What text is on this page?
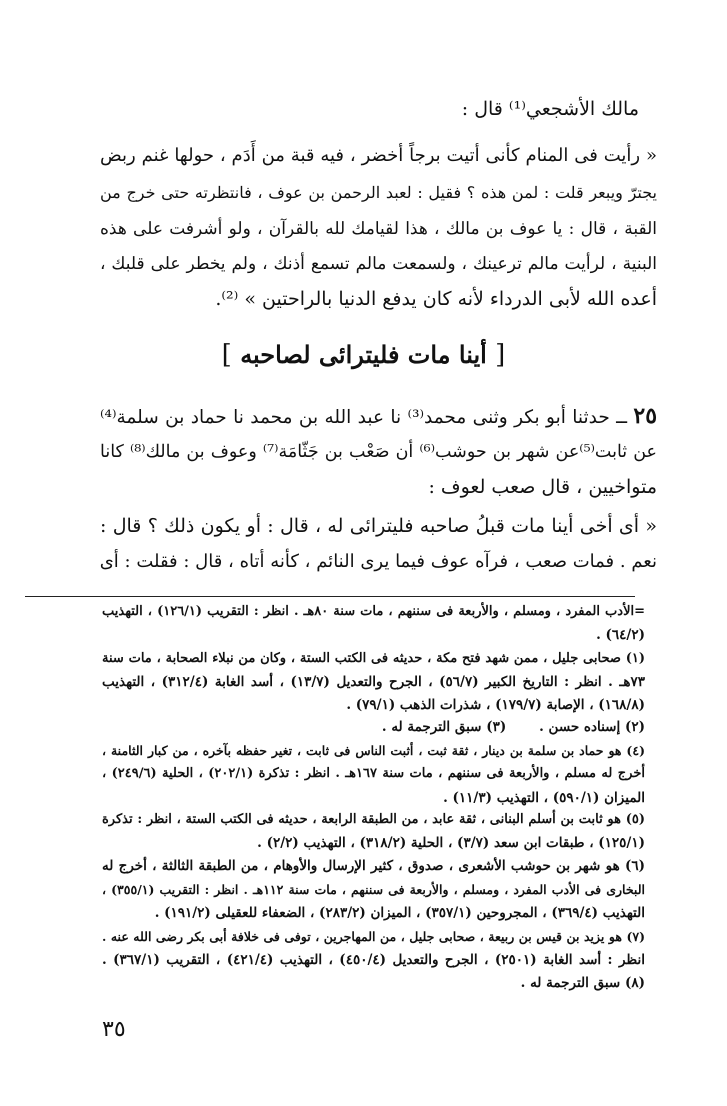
مالك الأشجعي⁽¹⁾ قال :
« رأيت فى المنام كأنى أتيت برجاً أخضر ، فيه قبة من أَدَم ، حولها غنم ربض
يجترّ ويبعر قلت : لمن هذه ؟ فقيل : لعبد الرحمن بن عوف ، فانتظرته حتى خرج من
القبة ، قال : يا عوف بن مالك ، هذا لقيامك لله بالقرآن ، ولو أشرفت على هذه
البنية ، لرأيت مالم ترعينك ، ولسمعت مالم تسمع أذنك ، ولم يخطر على قلبك ،
أعده الله لأبى الدرداء لأنه كان يدفع الدنيا بالراحتين » ⁽²⁾.
[ أينا مات فليترائى لصاحبه ]
٢٥ ــ حدثنا أبو بكر وثنى محمد⁽³⁾ نا عبد الله بن محمد نا حماد بن سلمة⁽⁴⁾
عن ثابت⁽⁵⁾عن شهر بن حوشب⁽⁶⁾ أن صَعْب بن جَثّامَة⁽⁷⁾ وعوف بن مالك⁽⁸⁾ كانا
متواخيين ، قال صعب لعوف :
« أى أخى أينا مات قبلُ صاحبه فليترائى له ، قال : أو يكون ذلك ؟ قال :
نعم . فمات صعب ، فرآه عوف فيما يرى النائم ، كأنه أتاه ، قال : فقلت : أى
=الأدب المفرد ، ومسلم ، والأربعة فى سننهم ، مات سنة ٨٠هـ . انظر : التقريب (١٢٦/١) ، التهذيب
(٦٤/٢) .
(١) صحابى جليل ، ممن شهد فتح مكة ، حديثه فى الكتب الستة ، وكان من نبلاء الصحابة ، مات سنة
٧٣هـ . انظر : التاريخ الكبير (٥٦/٧) ، الجرح والتعديل (١٣/٧) ، أسد الغابة (٣١٢/٤) ، التهذيب
(١٦٨/٨) ، الإصابة (١٧٩/٧) ، شذرات الذهب (٧٩/١) .
(٢) إسناده حسن .       (٣) سبق الترجمة له .
(٤) هو حماد بن سلمة بن دينار ، ثقة ثبت ، أثبت الناس فى ثابت ، تغير حفظه بآخره ، من كبار الثامنة ،
أخرج له مسلم ، والأربعة فى سننهم ، مات سنة ١٦٧هـ . انظر : تذكرة (٢٠٢/١) ، الحلية (٢٤٩/٦) ،
الميزان (٥٩٠/١) ، التهذيب (١١/٣) .
(٥) هو ثابت بن أسلم البنانى ، ثقة عابد ، من الطبقة الرابعة ، حديثه فى الكتب الستة ، انظر : تذكرة
(١٢٥/١) ، طبقات ابن سعد (٣/٧) ، الحلية (٣١٨/٢) ، التهذيب (٢/٢) .
(٦) هو شهر بن حوشب الأشعرى ، صدوق ، كثير الإرسال والأوهام ، من الطبقة الثالثة ، أخرج له
البخارى فى الأدب المفرد ، ومسلم ، والأربعة فى سننهم ، مات سنة ١١٢هـ . انظر : التقريب (٣٥٥/١) ،
التهذيب (٣٦٩/٤) ، المجروحين (٣٥٧/١) ، الميزان (٢٨٣/٢) ، الضعفاء للعقيلى (١٩١/٢) .
(٧) هو يزيد بن قيس بن ربيعة ، صحابى جليل ، من المهاجرين ، توفى فى خلافة أبى بكر رضى الله عنه .
انظر : أسد الغابة (٢٥٠١) ، الجرح والتعديل (٤٥٠/٤) ، التهذيب (٤٢١/٤) ، التقريب (٣٦٧/١) .
(٨) سبق الترجمة له .
٣٥
